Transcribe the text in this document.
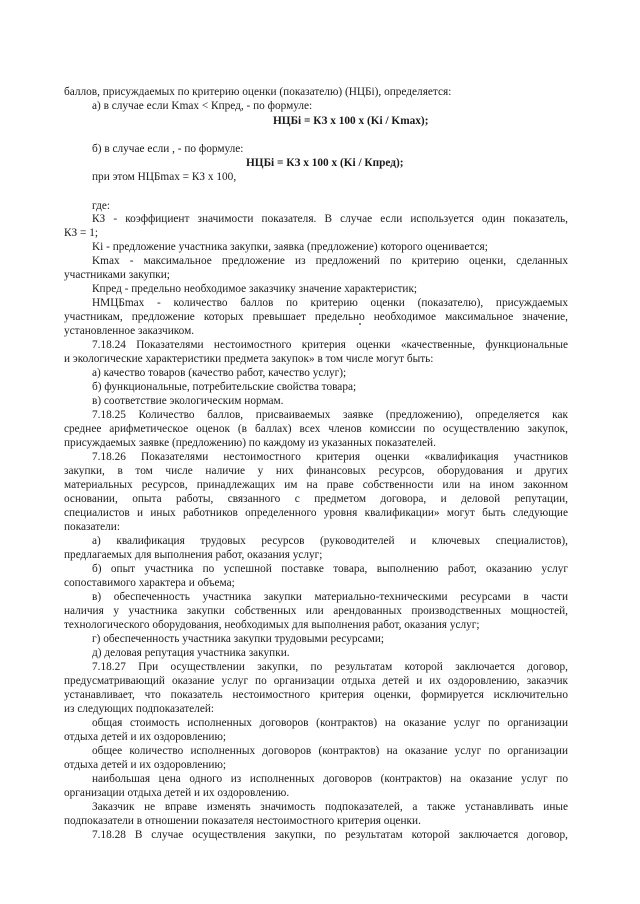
баллов, присуждаемых по критерию оценки (показателю) (НЦБi), определяется:
а) в случае если Kmax < Кпред, - по формуле:
НЦБi = КЗ x 100 x (Ki / Kmax);
б) в случае если , - по формуле:
НЦБi = КЗ x 100 x (Ki / Кпред);
при этом НЦБmax = КЗ x 100,
где:
КЗ - коэффициент значимости показателя. В случае если используется один показатель,
КЗ = 1;
Ki - предложение участника закупки, заявка (предложение) которого оценивается;
Kmax - максимальное предложение из предложений по критерию оценки, сделанных
участниками закупки;
Кпред - предельно необходимое заказчику значение характеристик;
НМЦБmax - количество баллов по критерию оценки (показателю), присуждаемых
участникам, предложение которых превышает предельно необходимое максимальное значение,
установленное заказчиком.
7.18.24 Показателями нестоимостного критерия оценки «качественные, функциональные
и экологические характеристики предмета закупок» в том числе могут быть:
а) качество товаров (качество работ, качество услуг);
б) функциональные, потребительские свойства товара;
в) соответствие экологическим нормам.
7.18.25 Количество баллов, присваиваемых заявке (предложению), определяется как
среднее арифметическое оценок (в баллах) всех членов комиссии по осуществлению закупок,
присуждаемых заявке (предложению) по каждому из указанных показателей.
7.18.26 Показателями нестоимостного критерия оценки «квалификация участников
закупки, в том числе наличие у них финансовых ресурсов, оборудования и других
материальных ресурсов, принадлежащих им на праве собственности или на ином законном
основании, опыта работы, связанного с предметом договора, и деловой репутации,
специалистов и иных работников определенного уровня квалификации» могут быть следующие
показатели:
а) квалификация трудовых ресурсов (руководителей и ключевых специалистов),
предлагаемых для выполнения работ, оказания услуг;
б) опыт участника по успешной поставке товара, выполнению работ, оказанию услуг
сопоставимого характера и объема;
в) обеспеченность участника закупки материально-техническими ресурсами в части
наличия у участника закупки собственных или арендованных производственных мощностей,
технологического оборудования, необходимых для выполнения работ, оказания услуг;
г) обеспеченность участника закупки трудовыми ресурсами;
д) деловая репутация участника закупки.
7.18.27 При осуществлении закупки, по результатам которой заключается договор,
предусматривающий оказание услуг по организации отдыха детей и их оздоровлению, заказчик
устанавливает, что показатель нестоимостного критерия оценки, формируется исключительно
из следующих подпоказателей:
общая стоимость исполненных договоров (контрактов) на оказание услуг по организации
отдыха детей и их оздоровлению;
общее количество исполненных договоров (контрактов) на оказание услуг по организации
отдыха детей и их оздоровлению;
наибольшая цена одного из исполненных договоров (контрактов) на оказание услуг по
организации отдыха детей и их оздоровлению.
Заказчик не вправе изменять значимость подпоказателей, а также устанавливать иные
подпоказатели в отношении показателя нестоимостного критерия оценки.
7.18.28 В случае осуществления закупки, по результатам которой заключается договор,
